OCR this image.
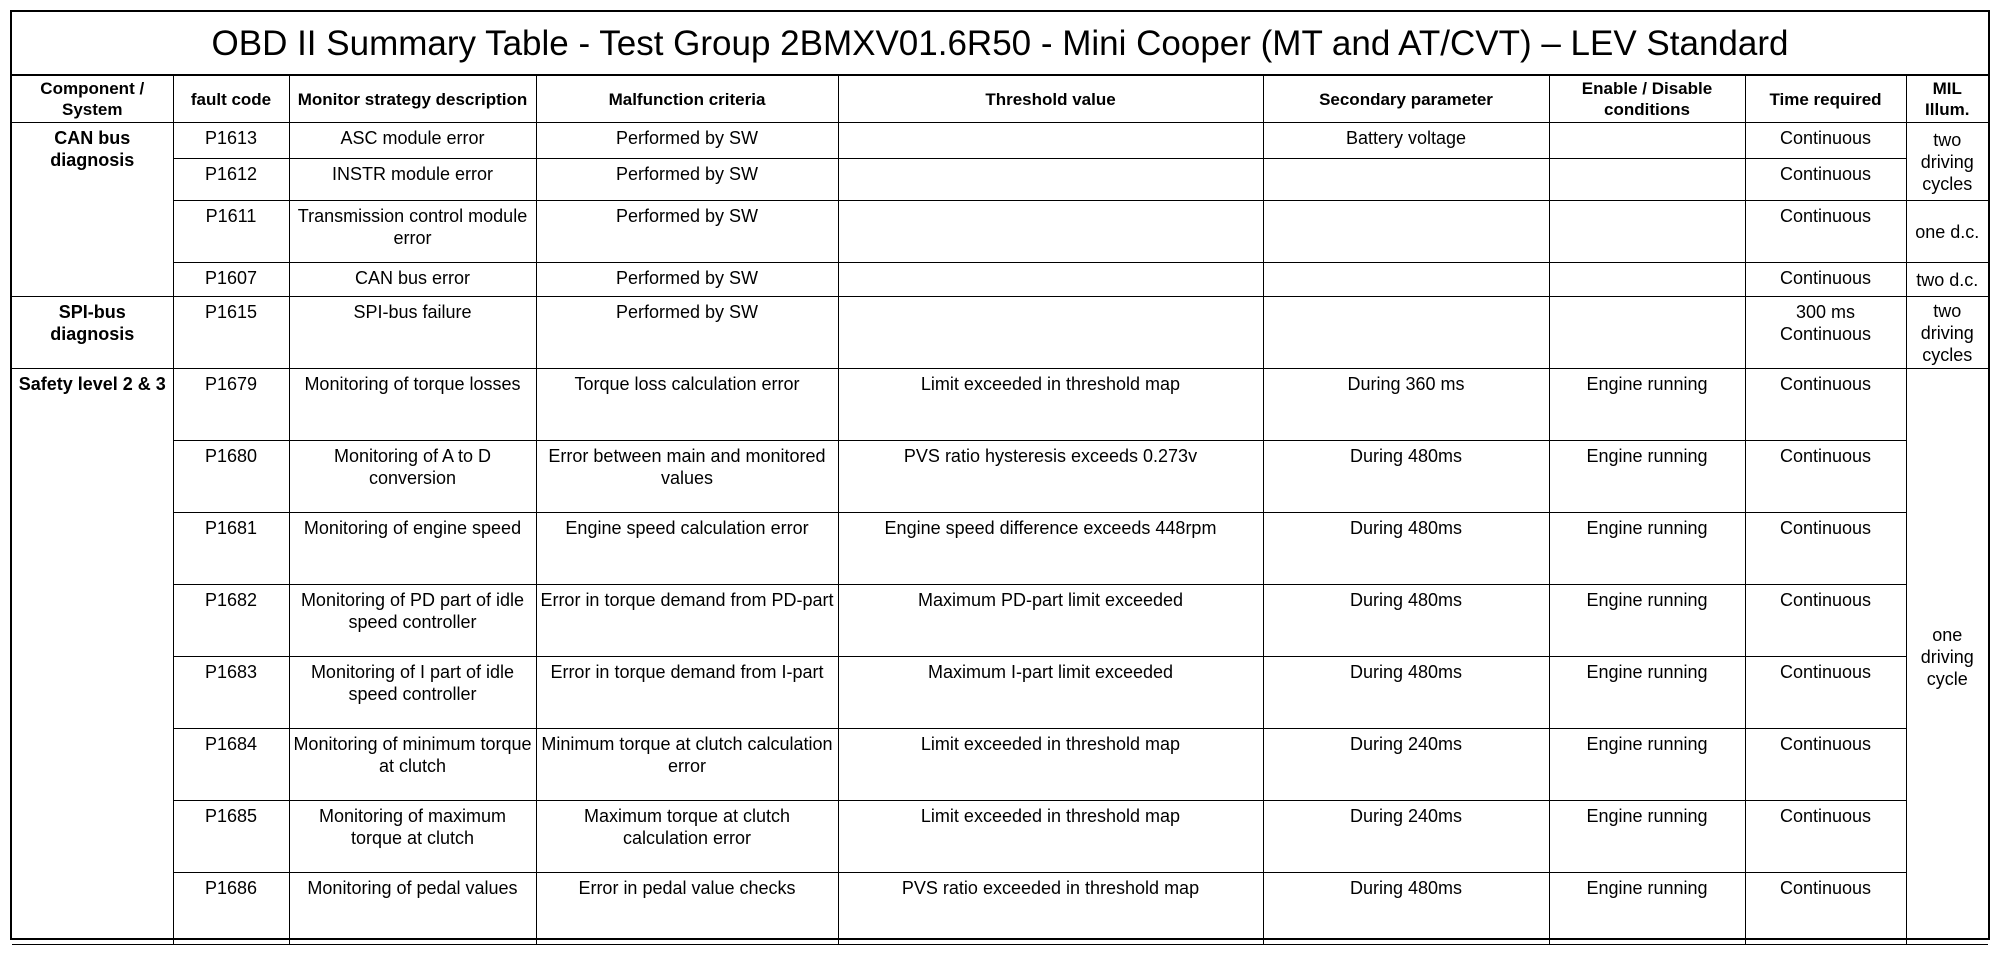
OBD II Summary Table - Test Group 2BMXV01.6R50 - Mini Cooper (MT and AT/CVT) – LEV Standard
Component / System	fault code	Monitor strategy description	Malfunction criteria	Threshold value	Secondary parameter	Enable / Disable conditions	Time required	MIL Illum.
CAN bus diagnosis	P1613	ASC module error	Performed by SW		Battery voltage		Continuous	two driving cycles
	P1612	INSTR module error	Performed by SW				Continuous	
	P1611	Transmission control module error	Performed by SW				Continuous	one d.c.
	P1607	CAN bus error	Performed by SW				Continuous	two d.c.
SPI-bus diagnosis	P1615	SPI-bus failure	Performed by SW				300 ms Continuous	two driving cycles
Safety level 2 & 3	P1679	Monitoring of torque losses	Torque loss calculation error	Limit exceeded in threshold map	During 360 ms	Engine running	Continuous	one driving cycle
	P1680	Monitoring of A to D conversion	Error between main and monitored values	PVS ratio hysteresis exceeds 0.273v	During 480ms	Engine running	Continuous	
	P1681	Monitoring of engine speed	Engine speed calculation error	Engine speed difference exceeds 448rpm	During 480ms	Engine running	Continuous	
	P1682	Monitoring of PD part of idle speed controller	Error in torque demand from PD-part	Maximum PD-part limit exceeded	During 480ms	Engine running	Continuous	
	P1683	Monitoring of I part of idle speed controller	Error in torque demand from I-part	Maximum I-part limit exceeded	During 480ms	Engine running	Continuous	
	P1684	Monitoring of minimum torque at clutch	Minimum torque at clutch calculation error	Limit exceeded in threshold map	During 240ms	Engine running	Continuous	
	P1685	Monitoring of maximum torque at clutch	Maximum torque at clutch calculation error	Limit exceeded in threshold map	During 240ms	Engine running	Continuous	
	P1686	Monitoring of pedal values	Error in pedal value checks	PVS ratio exceeded in threshold map	During 480ms	Engine running	Continuous	
